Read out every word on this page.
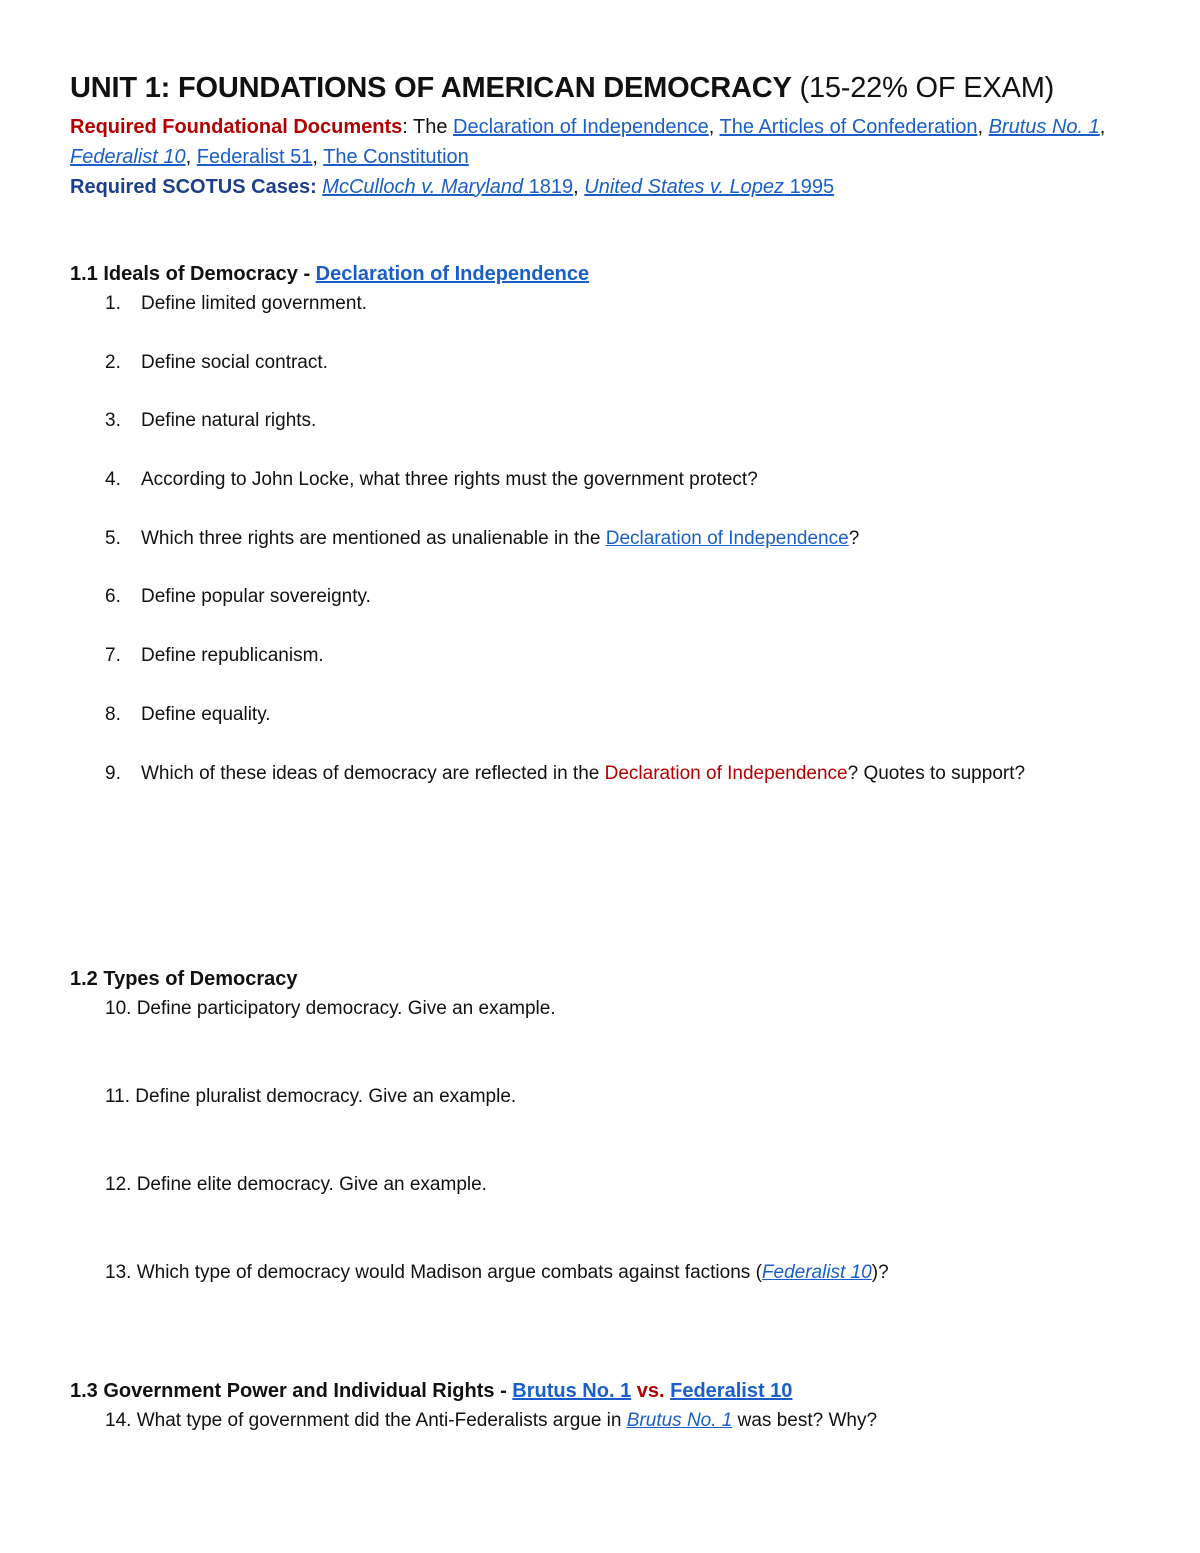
UNIT 1: FOUNDATIONS OF AMERICAN DEMOCRACY (15-22% OF EXAM)
Required Foundational Documents: The Declaration of Independence, The Articles of Confederation, Brutus No. 1, Federalist 10, Federalist 51, The Constitution
Required SCOTUS Cases: McCulloch v. Maryland 1819, United States v. Lopez 1995
1.1 Ideals of Democracy - Declaration of Independence
1. Define limited government.
2. Define social contract.
3. Define natural rights.
4. According to John Locke, what three rights must the government protect?
5. Which three rights are mentioned as unalienable in the Declaration of Independence?
6. Define popular sovereignty.
7. Define republicanism.
8. Define equality.
9. Which of these ideas of democracy are reflected in the Declaration of Independence? Quotes to support?
1.2 Types of Democracy
10. Define participatory democracy. Give an example.
11. Define pluralist democracy. Give an example.
12. Define elite democracy. Give an example.
13. Which type of democracy would Madison argue combats against factions (Federalist 10)?
1.3 Government Power and Individual Rights - Brutus No. 1 vs. Federalist 10
14. What type of government did the Anti-Federalists argue in Brutus No. 1 was best? Why?
